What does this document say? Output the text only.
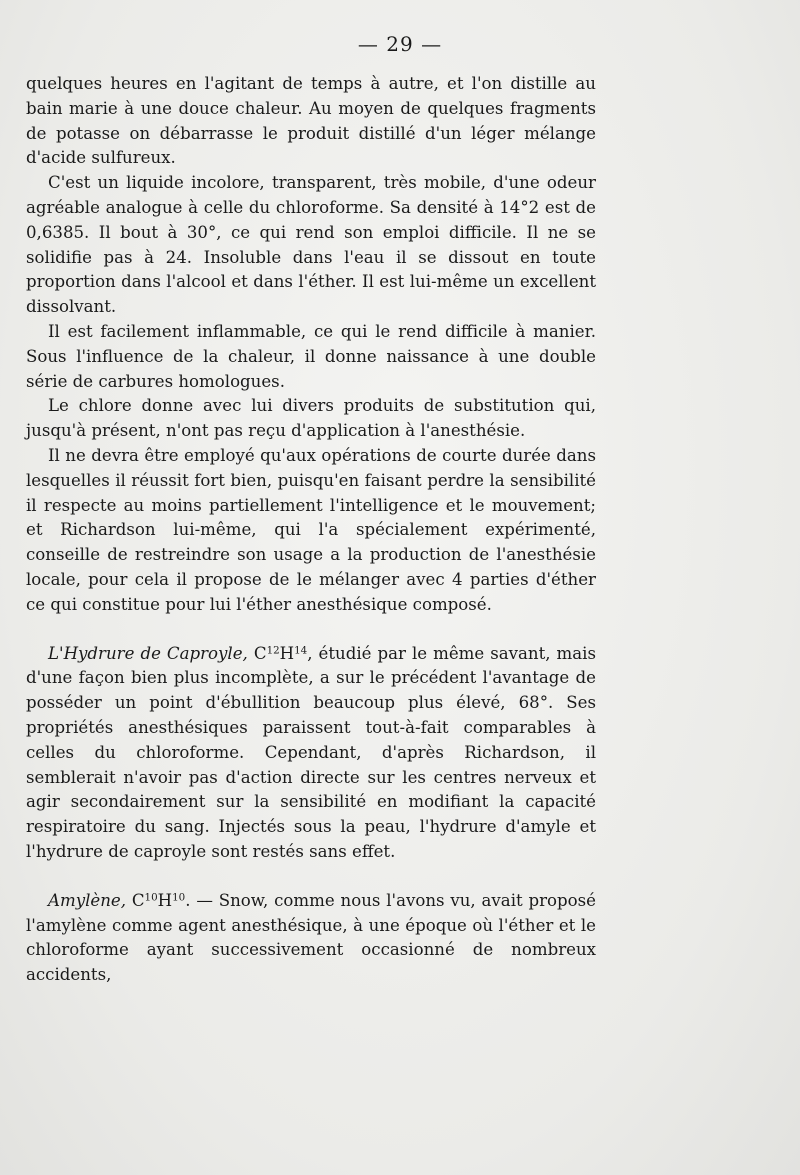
— 29 —

quelques heures en l'agitant de temps à autre, et l'on distille au bain marie à une douce chaleur. Au moyen de quelques fragments de potasse on débarrasse le produit distillé d'un léger mélange d'acide sulfureux.

C'est un liquide incolore, transparent, très mobile, d'une odeur agréable analogue à celle du chloroforme. Sa densité à 14°2 est de 0,6385. Il bout à 30°, ce qui rend son emploi difficile. Il ne se solidifie pas à 24. Insoluble dans l'eau il se dissout en toute proportion dans l'alcool et dans l'éther. Il est lui-même un excellent dissolvant.

Il est facilement inflammable, ce qui le rend difficile à manier. Sous l'influence de la chaleur, il donne naissance à une double série de carbures homologues.

Le chlore donne avec lui divers produits de substitution qui, jusqu'à présent, n'ont pas reçu d'application à l'anesthésie.

Il ne devra être employé qu'aux opérations de courte durée dans lesquelles il réussit fort bien, puisqu'en faisant perdre la sensibilité il respecte au moins partiellement l'intelligence et le mouvement; et Richardson lui-même, qui l'a spécialement expérimenté, conseille de restreindre son usage a la production de l'anesthésie locale, pour cela il propose de le mélanger avec 4 parties d'éther ce qui constitue pour lui l'éther anesthésique composé.

L'Hydrure de Caproyle, $C^{12}H^{14}$, étudié par le même savant, mais d'une façon bien plus incomplète, a sur le précédent l'avantage de posséder un point d'ébullition beaucoup plus élevé, 68°. Ses propriétés anesthésiques paraissent tout-à-fait comparables à celles du chloroforme. Cependant, d'après Richardson, il semblerait n'avoir pas d'action directe sur les centres nerveux et agir secondairement sur la sensibilité en modifiant la capacité respiratoire du sang. Injectés sous la peau, l'hydrure d'amyle et l'hydrure de caproyle sont restés sans effet.

Amylène, $C^{10}H^{10}$. — Snow, comme nous l'avons vu, avait proposé l'amylène comme agent anesthésique, à une époque où l'éther et le chloroforme ayant successivement occasionné de nombreux accidents,
